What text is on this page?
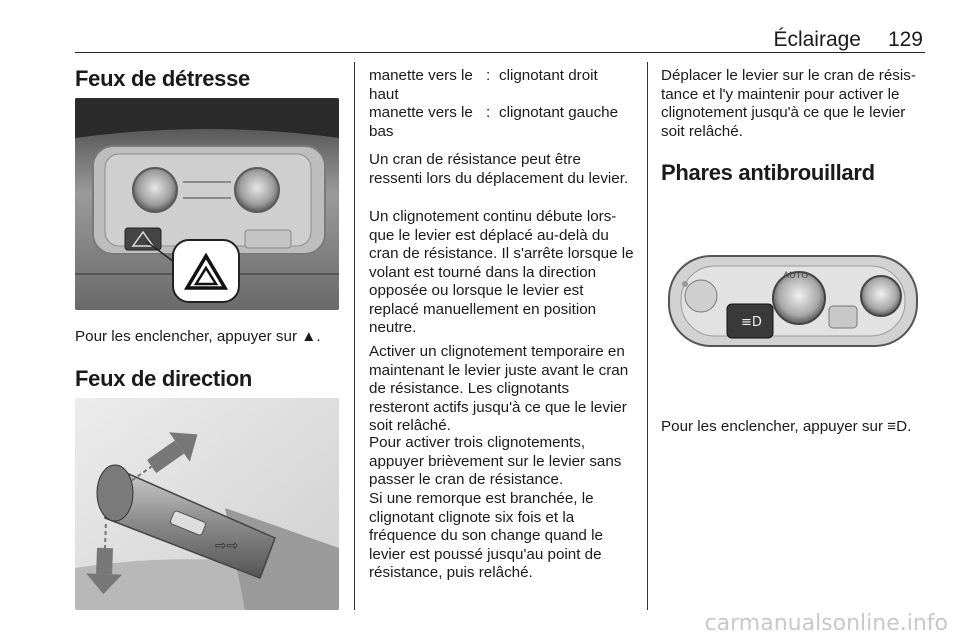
Éclairage 129
Feux de détresse

Pour les enclencher, appuyer sur ▲.

Feux de direction
⇨⇨
manette vers le haut
: clignotant droit
manette vers le bas
: clignotant gauche

Un cran de résistance peut être ressenti lors du déplacement du levier.

Un clignotement continu débute lors-que le levier est déplacé au-delà du cran de résistance. Il s'arrête lorsque le volant est tourné dans la direction opposée ou lorsque le levier est replacé manuellement en position neutre.

Activer un clignotement temporaire en maintenant le levier juste avant le cran de résistance. Les clignotants resteront actifs jusqu'à ce que le levier soit relâché.

Pour activer trois clignotements, appuyer brièvement sur le levier sans passer le cran de résistance.

Si une remorque est branchée, le clignotant clignote six fois et la fréquence du son change quand le levier est poussé jusqu'au point de résistance, puis relâché.

Déplacer le levier sur le cran de résis-tance et l'y maintenir pour activer le clignotement jusqu'à ce que le levier soit relâché.

Phares antibrouillard
≡D
AUTO

Pour les enclencher, appuyer sur ≡D.

carmanualsonline.info
